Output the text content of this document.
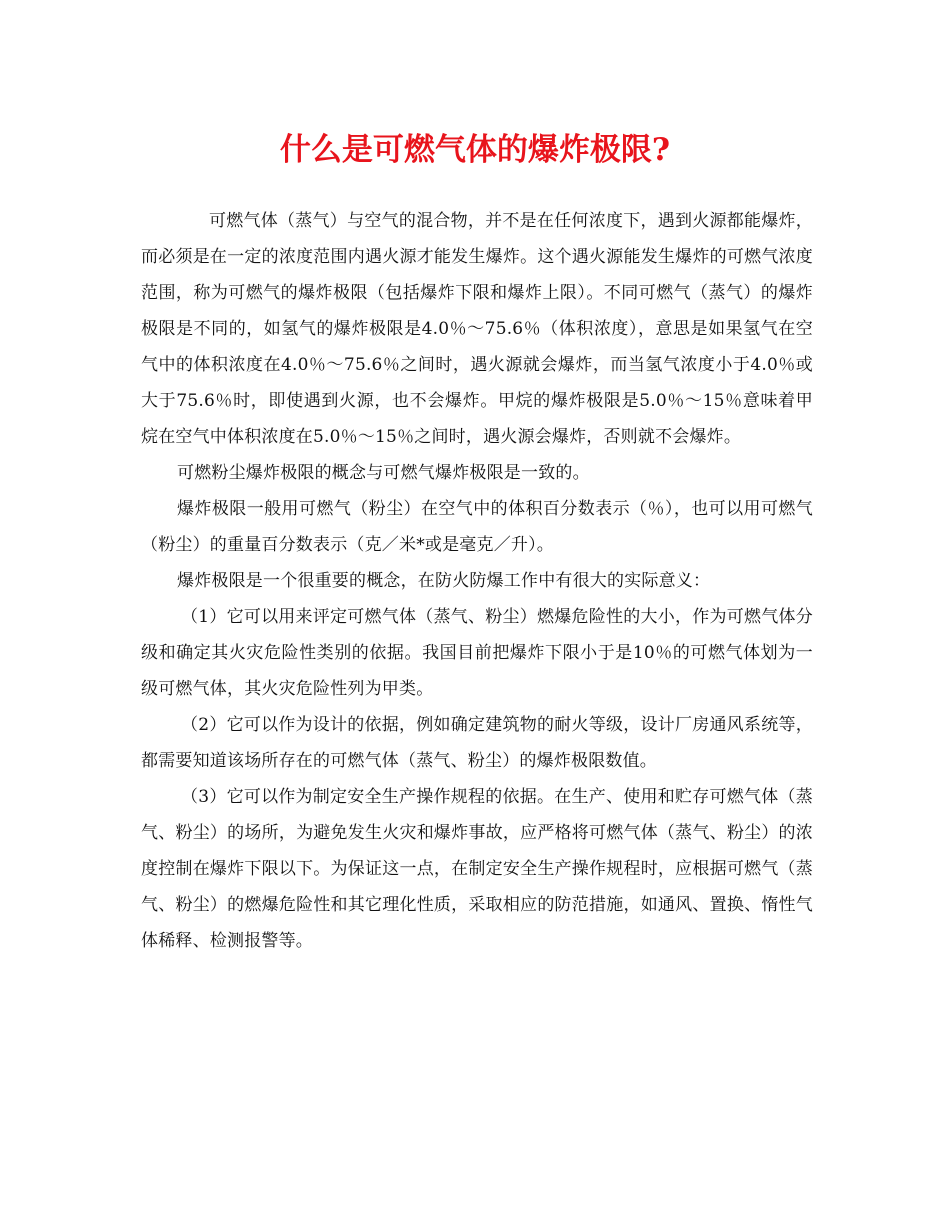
什么是可燃气体的爆炸极限?

可燃气体（蒸气）与空气的混合物，并不是在任何浓度下，遇到火源都能爆炸，而必须是在一定的浓度范围内遇火源才能发生爆炸。这个遇火源能发生爆炸的可燃气浓度范围，称为可燃气的爆炸极限（包括爆炸下限和爆炸上限）。不同可燃气（蒸气）的爆炸极限是不同的，如氢气的爆炸极限是4.0％～75.6％（体积浓度），意思是如果氢气在空气中的体积浓度在4.0％～75.6％之间时，遇火源就会爆炸，而当氢气浓度小于4.0％或大于75.6％时，即使遇到火源，也不会爆炸。甲烷的爆炸极限是5.0％～15％意味着甲烷在空气中体积浓度在5.0％～15％之间时，遇火源会爆炸，否则就不会爆炸。

可燃粉尘爆炸极限的概念与可燃气爆炸极限是一致的。

爆炸极限一般用可燃气（粉尘）在空气中的体积百分数表示（％），也可以用可燃气（粉尘）的重量百分数表示（克／米*或是毫克／升）。

爆炸极限是一个很重要的概念，在防火防爆工作中有很大的实际意义：

（1）它可以用来评定可燃气体（蒸气、粉尘）燃爆危险性的大小，作为可燃气体分级和确定其火灾危险性类别的依据。我国目前把爆炸下限小于是10％的可燃气体划为一级可燃气体，其火灾危险性列为甲类。

（2）它可以作为设计的依据，例如确定建筑物的耐火等级，设计厂房通风系统等，都需要知道该场所存在的可燃气体（蒸气、粉尘）的爆炸极限数值。

（3）它可以作为制定安全生产操作规程的依据。在生产、使用和贮存可燃气体（蒸气、粉尘）的场所，为避免发生火灾和爆炸事故，应严格将可燃气体（蒸气、粉尘）的浓度控制在爆炸下限以下。为保证这一点，在制定安全生产操作规程时，应根据可燃气（蒸气、粉尘）的燃爆危险性和其它理化性质，采取相应的防范措施，如通风、置换、惰性气体稀释、检测报警等。
